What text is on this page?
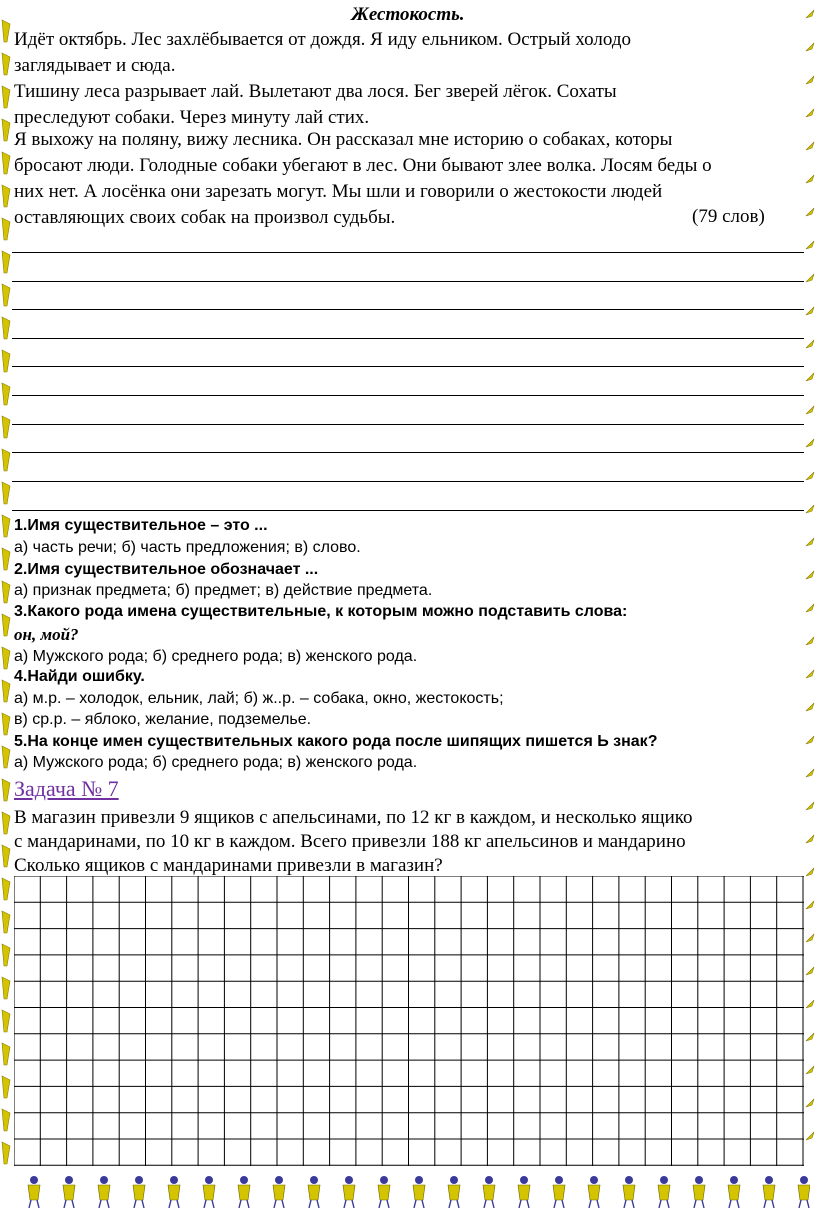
Жестокость.
Идёт октябрь. Лес захлёбывается от дождя. Я иду ельником. Острый холодо
заглядывает и сюда.
Тишину леса разрывает лай. Вылетают два лося. Бег зверей лёгок. Сохаты
преследуют собаки. Через минуту лай стих.
Я выхожу на поляну, вижу лесника. Он рассказал мне историю о собаках, которы
бросают люди. Голодные собаки убегают в лес. Они бывают злее волка. Лосям беды о
них нет. А лосёнка они зарезать могут. Мы шли и говорили о жестокости людей
оставляющих своих собак на произвол судьбы.	(79 слов)
1.Имя существительное – это ...
а) часть речи; б) часть предложения; в) слово.
2.Имя существительное обозначает ...
а) признак предмета; б) предмет; в) действие предмета.
3.Какого рода имена существительные, к которым можно подставить слова:
он, мой?
а) Мужского рода; б) среднего рода; в) женского рода.
4.Найди ошибку.
а) м.р. – холодок, ельник, лай; б) ж..р. – собака, окно, жестокость;
в) ср.р. – яблоко, желание, подземелье.
5.На конце имен существительных какого рода после шипящих пишется Ь знак?
а) Мужского рода; б) среднего рода; в) женского рода.
Задача № 7
В магазин привезли 9 ящиков с апельсинами, по 12 кг в каждом, и несколько ящико
с мандаринами, по 10 кг в каждом. Всего привезли 188 кг апельсинов и мандарино
Сколько ящиков с мандаринами привезли в магазин?
